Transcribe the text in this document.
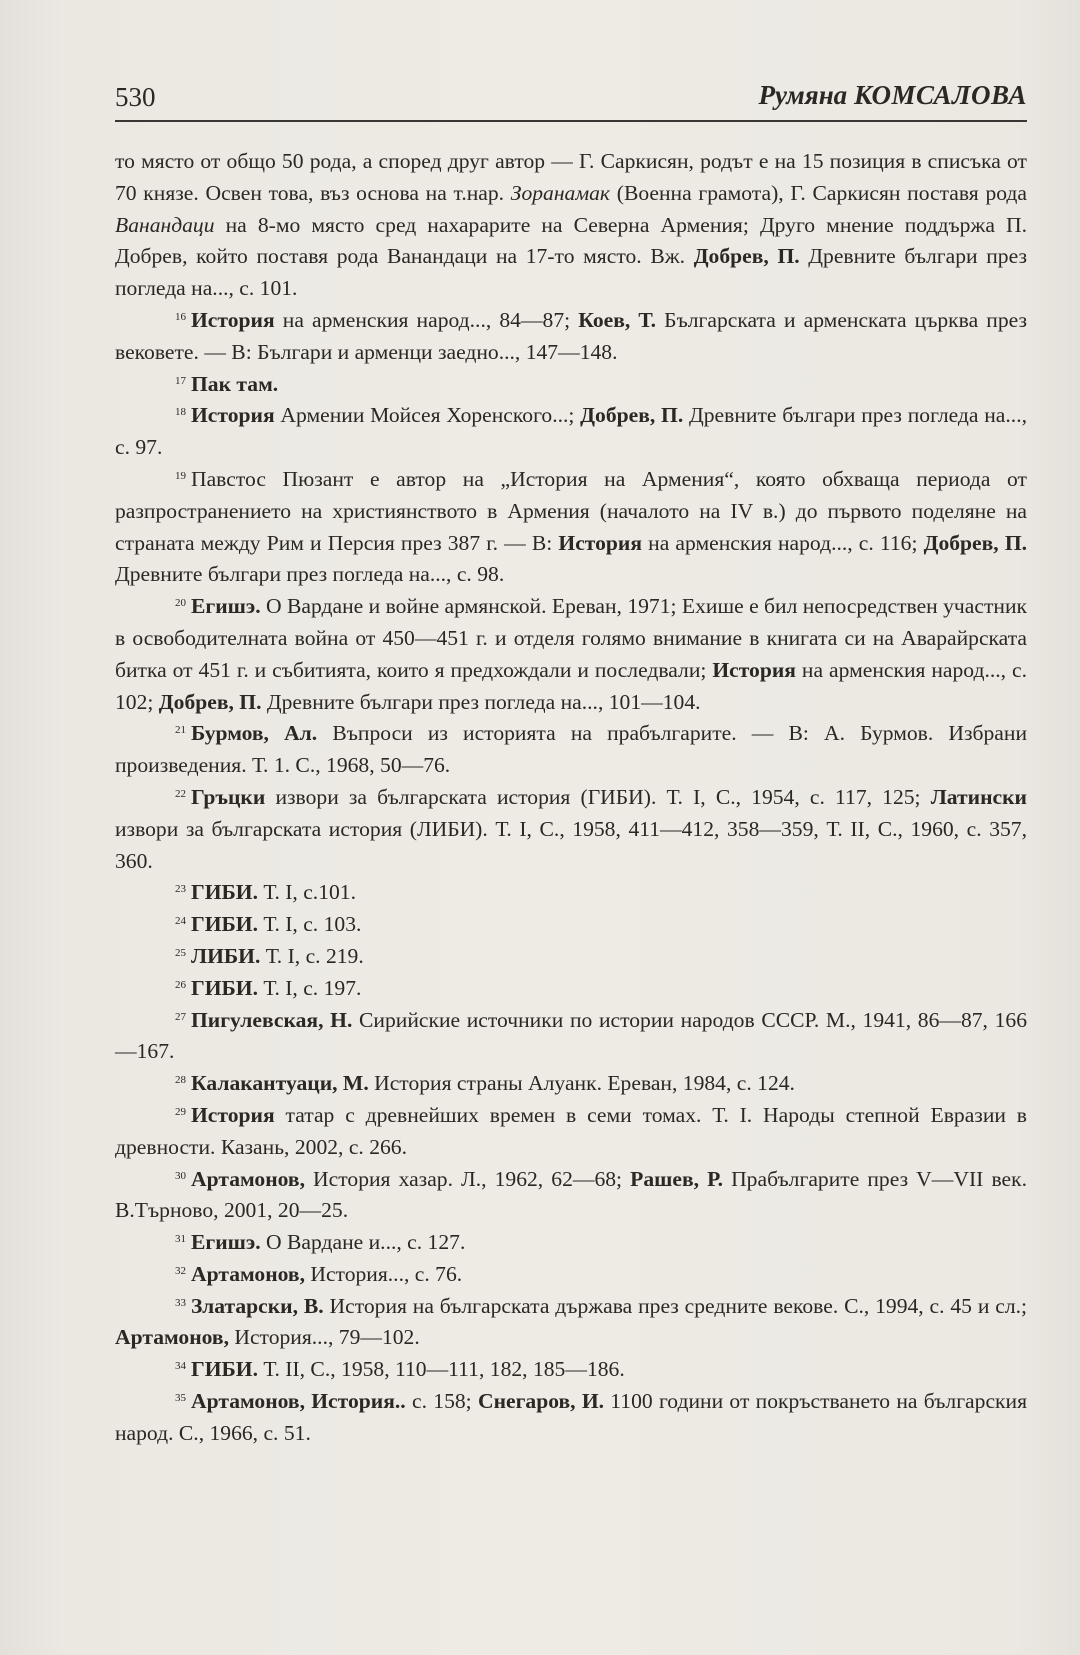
530	Румяна КОМСАЛОВА

то място от общо 50 рода, а според друг автор — Г. Саркисян, родът е на 15 позиция в списъка от 70 князе. Освен това, въз основа на т.нар. Зоранамак (Военна грамота), Г. Саркисян поставя рода Ванандаци на 8-мо място сред нахарарите на Северна Армения; Друго мнение поддържа П. Добрев, който поставя рода Ванандаци на 17-то място. Вж. Добрев, П. Древните българи през погледа на..., с. 101.

$^{16}$ История на арменския народ..., 84—87; Коев, Т. Българската и арменската църква през вековете. — В: Българи и арменци заедно..., 147—148.

$^{17}$ Пак там.

$^{18}$ История Армении Мойсея Хоренского...; Добрев, П. Древните българи през погледа на..., с. 97.

$^{19}$ Павстос Пюзант е автор на „История на Армения“, която обхваща периода от разпространението на християнството в Армения (началото на IV в.) до първото поделяне на страната между Рим и Персия през 387 г. — В: История на арменския народ..., с. 116; Добрев, П. Древните българи през погледа на..., с. 98.

$^{20}$ Егишэ. О Вардане и войне армянской. Ереван, 1971; Ехише е бил непосредствен участник в освободителната война от 450—451 г. и отделя голямо внимание в книгата си на Аварайрската битка от 451 г. и събитията, които я предхождали и последвали; История на арменския народ..., с. 102; Добрев, П. Древните българи през погледа на..., 101—104.

$^{21}$ Бурмов, Ал. Въпроси из историята на прабългарите. — В: А. Бурмов. Избрани произведения. Т. 1. С., 1968, 50—76.

$^{22}$ Гръцки извори за българската история (ГИБИ). Т. I, С., 1954, с. 117, 125; Латински извори за българската история (ЛИБИ). Т. I, С., 1958, 411—412, 358—359, Т. II, С., 1960, с. 357, 360.

$^{23}$ ГИБИ. Т. I, с.101.

$^{24}$ ГИБИ. Т. I, с. 103.

$^{25}$ ЛИБИ. Т. I, с. 219.

$^{26}$ ГИБИ. Т. I, с. 197.

$^{27}$ Пигулевская, Н. Сирийские источники по истории народов СССР. М., 1941, 86—87, 166—167.

$^{28}$ Калакантуаци, М. История страны Алуанк. Ереван, 1984, с. 124.

$^{29}$ История татар с древнейших времен в семи томах. Т. I. Народы степной Евразии в древности. Казань, 2002, с. 266.

$^{30}$ Артамонов, История хазар. Л., 1962, 62—68; Рашев, Р. Прабългарите през V—VII век. В.Търново, 2001, 20—25.

$^{31}$ Егишэ. О Вардане и..., с. 127.

$^{32}$ Артамонов, История..., с. 76.

$^{33}$ Златарски, В. История на българската държава през средните векове. С., 1994, с. 45 и сл.; Артамонов, История..., 79—102.

$^{34}$ ГИБИ. Т. II, С., 1958, 110—111, 182, 185—186.

$^{35}$ Артамонов, История.. с. 158; Снегаров, И. 1100 години от покръстването на българския народ. С., 1966, с. 51.
